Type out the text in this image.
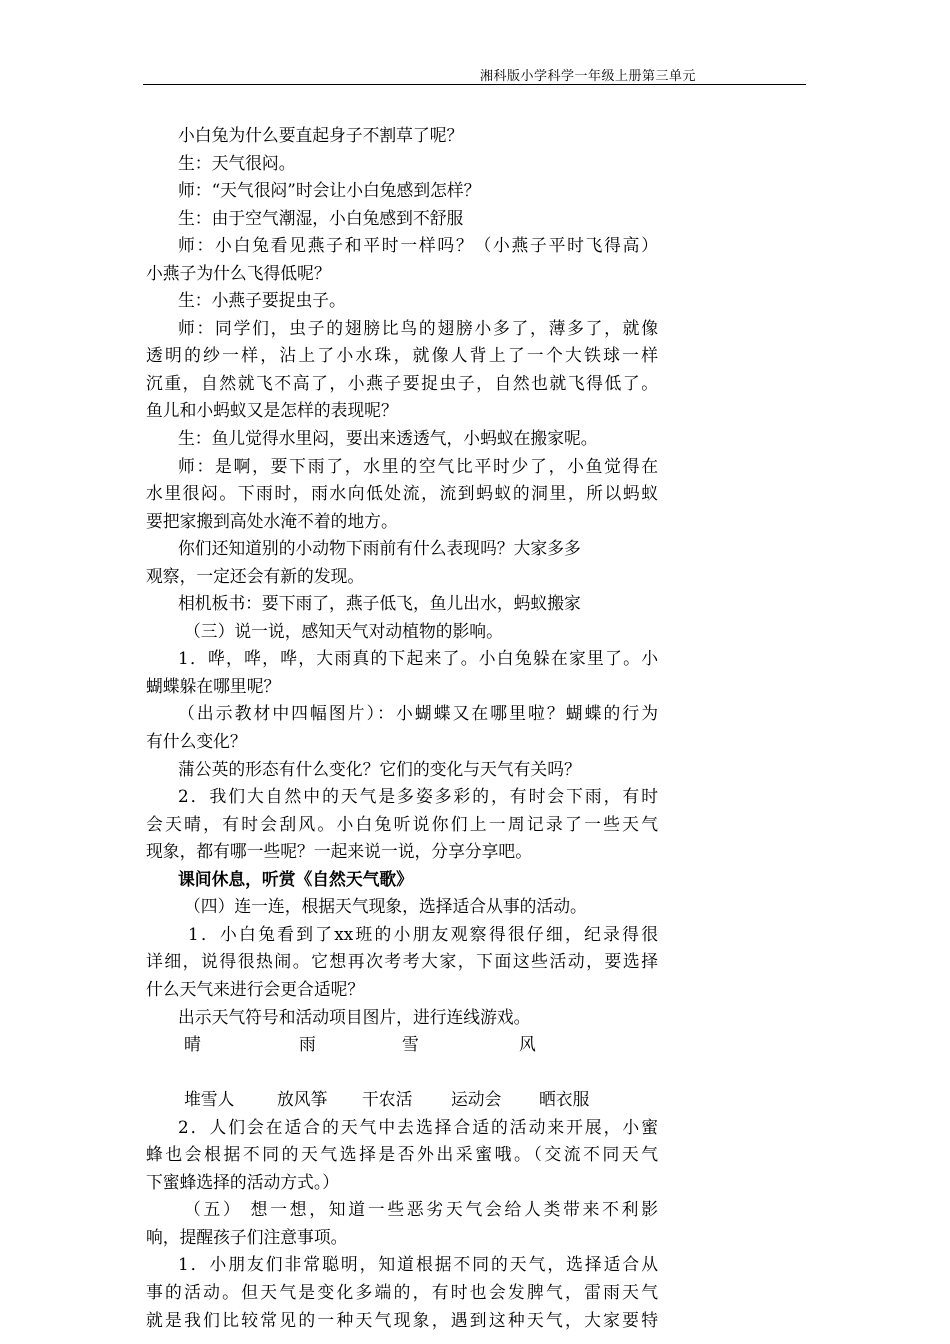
湘科版小学科学一年级上册第三单元
小白兔为什么要直起身子不割草了呢？
生：天气很闷。
师：“天气很闷”时会让小白兔感到怎样？
生：由于空气潮湿，小白兔感到不舒服
师：小白兔看见燕子和平时一样吗？（小燕子平时飞得高）
小燕子为什么飞得低呢？
生：小燕子要捉虫子。
师：同学们，虫子的翅膀比鸟的翅膀小多了，薄多了，就像
透明的纱一样，沾上了小水珠，就像人背上了一个大铁球一样
沉重，自然就飞不高了，小燕子要捉虫子，自然也就飞得低了。
鱼儿和小蚂蚁又是怎样的表现呢？
生：鱼儿觉得水里闷，要出来透透气，小蚂蚁在搬家呢。
师：是啊，要下雨了，水里的空气比平时少了，小鱼觉得在
水里很闷。下雨时，雨水向低处流，流到蚂蚁的洞里，所以蚂蚁
要把家搬到高处水淹不着的地方。
你们还知道别的小动物下雨前有什么表现吗？大家多多
观察，一定还会有新的发现。
相机板书：要下雨了，燕子低飞，鱼儿出水，蚂蚁搬家
（三）说一说，感知天气对动植物的影响。
1．哗，哗，哗，大雨真的下起来了。小白兔躲在家里了。小
蝴蝶躲在哪里呢？
（出示教材中四幅图片）：小蝴蝶又在哪里啦？蝴蝶的行为
有什么变化？
蒲公英的形态有什么变化？它们的变化与天气有关吗？
2．我们大自然中的天气是多姿多彩的，有时会下雨，有时
会天晴，有时会刮风。小白兔听说你们上一周记录了一些天气
现象，都有哪一些呢？一起来说一说，分享分享吧。
课间休息，听赏《自然天气歌》
（四）连一连，根据天气现象，选择适合从事的活动。
1．小白兔看到了xx班的小朋友观察得很仔细，纪录得很
详细，说得很热闹。它想再次考考大家，下面这些活动，要选择
什么天气来进行会更合适呢？
出示天气符号和活动项目图片，进行连线游戏。
晴	雨	雪	风
堆雪人	放风筝 干农活 运动会 晒衣服
2．人们会在适合的天气中去选择合适的活动来开展，小蜜
蜂也会根据不同的天气选择是否外出采蜜哦。（交流不同天气
下蜜蜂选择的活动方式。）
（五） 想一想，知道一些恶劣天气会给人类带来不利影
响，提醒孩子们注意事项。
1．小朋友们非常聪明，知道根据不同的天气，选择适合从
事的活动。但天气是变化多端的，有时也会发脾气，雷雨天气
就是我们比较常见的一种天气现象，遇到这种天气，大家要特
